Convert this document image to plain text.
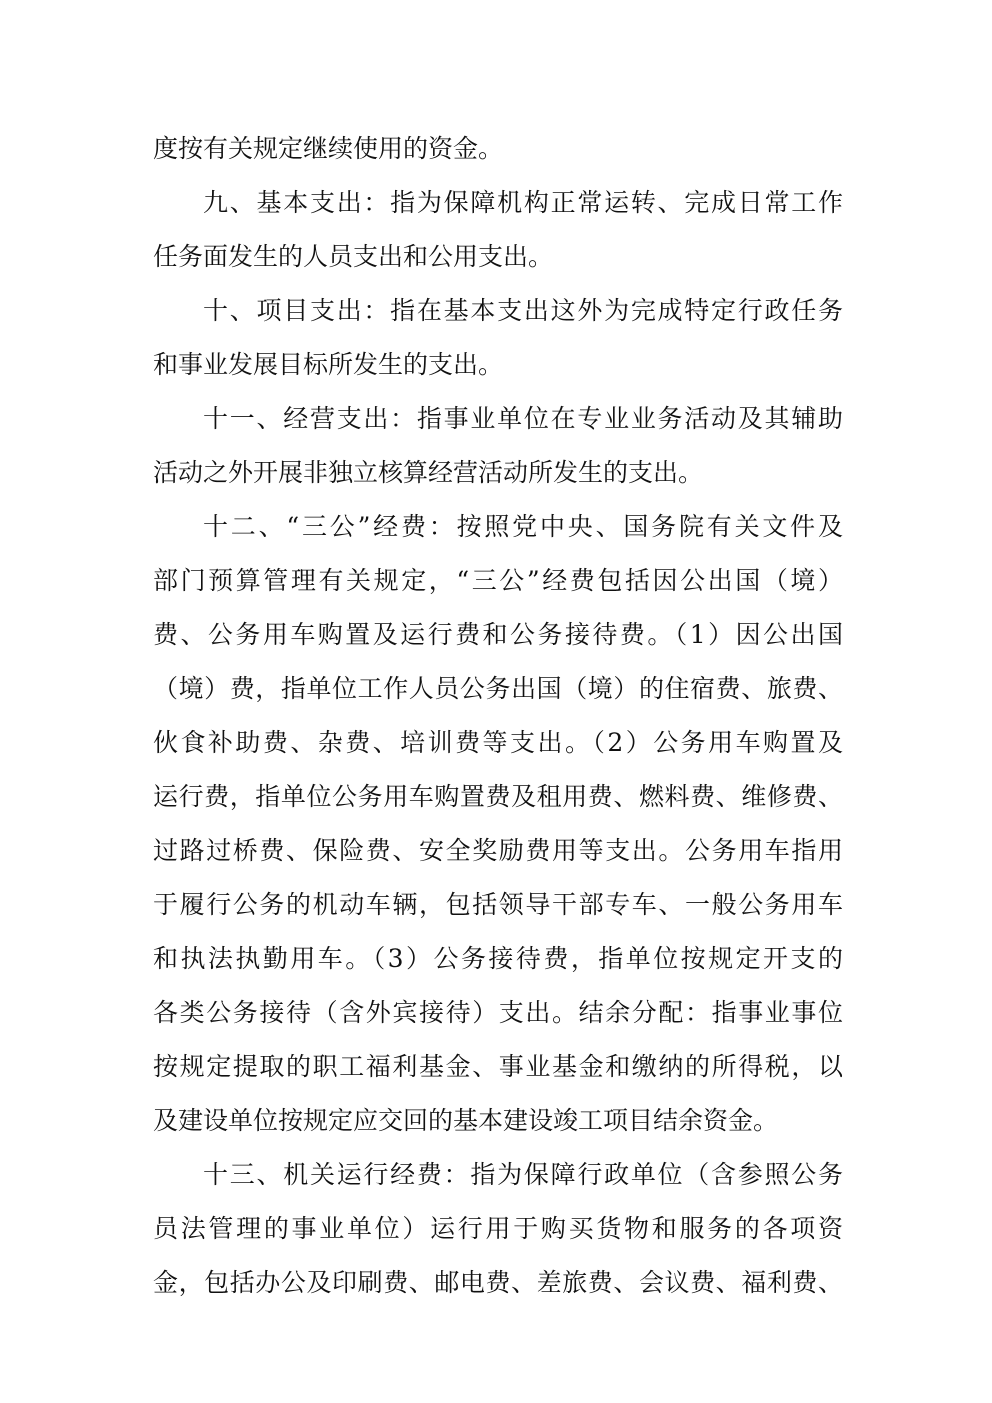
度按有关规定继续使用的资金。
九、基本支出：指为保障机构正常运转、完成日常工作
任务面发生的人员支出和公用支出。
十、项目支出：指在基本支出这外为完成特定行政任务
和事业发展目标所发生的支出。
十一、经营支出：指事业单位在专业业务活动及其辅助
活动之外开展非独立核算经营活动所发生的支出。
十二、“三公”经费：按照党中央、国务院有关文件及
部门预算管理有关规定，“三公”经费包括因公出国（境）
费、公务用车购置及运行费和公务接待费。（1）因公出国
（境）费，指单位工作人员公务出国（境）的住宿费、旅费、
伙食补助费、杂费、培训费等支出。（2）公务用车购置及
运行费，指单位公务用车购置费及租用费、燃料费、维修费、
过路过桥费、保险费、安全奖励费用等支出。公务用车指用
于履行公务的机动车辆，包括领导干部专车、一般公务用车
和执法执勤用车。（3）公务接待费，指单位按规定开支的
各类公务接待（含外宾接待）支出。结余分配：指事业事位
按规定提取的职工福利基金、事业基金和缴纳的所得税，以
及建设单位按规定应交回的基本建设竣工项目结余资金。
十三、机关运行经费：指为保障行政单位（含参照公务
员法管理的事业单位）运行用于购买货物和服务的各项资
金，包括办公及印刷费、邮电费、差旅费、会议费、福利费、
